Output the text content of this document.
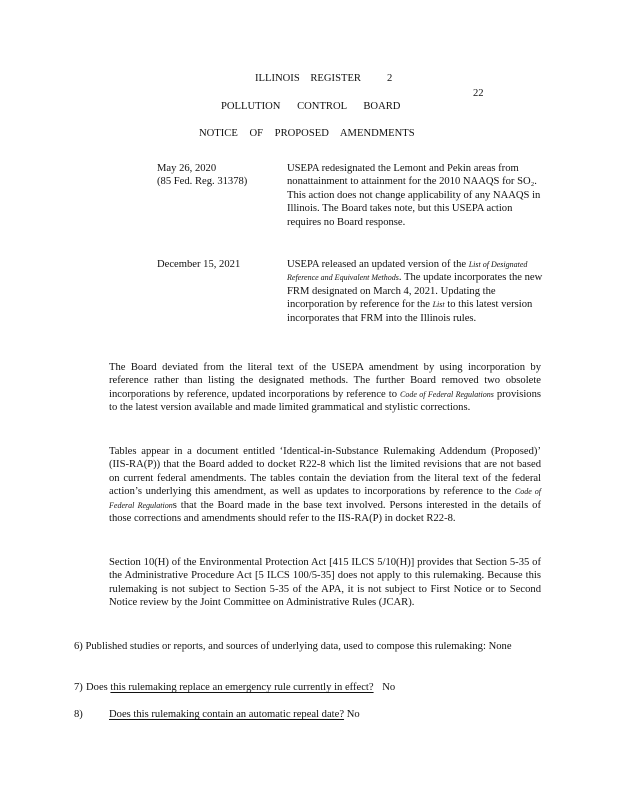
ILLINOIS REGISTER 2
22
POLLUTION CONTROL BOARD
NOTICE OF PROPOSED AMENDMENTS
May 26, 2020
(85 Fed. Reg. 31378)
USEPA redesignated the Lemont and Pekin areas from nonattainment to attainment for the 2010 NAAQS for SO₂. This action does not change applicability of any NAAQS in Illinois. The Board takes note, but this USEPA action requires no Board response.
December 15, 2021	USEPA released an updated version of the List of Designated Reference and Equivalent Methods. The update incorporates the new FRM designated on March 4, 2021. Updating the incorporation by reference for the List to this latest version incorporates that FRM into the Illinois rules.
The Board deviated from the literal text of the USEPA amendment by using incorporation by reference rather than listing the designated methods. The further Board removed two obsolete incorporations by reference, updated incorporations by reference to Code of Federal Regulations provisions to the latest version available and made limited grammatical and stylistic corrections.
Tables appear in a document entitled ‘Identical-in-Substance Rulemaking Addendum (Proposed)’ (IIS-RA(P)) that the Board added to docket R22-8 which list the limited revisions that are not based on current federal amendments. The tables contain the deviation from the literal text of the federal action’s underlying this amendment, as well as updates to incorporations by reference to the Code of Federal Regulations that the Board made in the base text involved. Persons interested in the details of those corrections and amendments should refer to the IIS-RA(P) in docket R22-8.
Section 10(H) of the Environmental Protection Act [415 ILCS 5/10(H)] provides that Section 5-35 of the Administrative Procedure Act [5 ILCS 100/5-35] does not apply to this rulemaking. Because this rulemaking is not subject to Section 5-35 of the APA, it is not subject to First Notice or to Second Notice review by the Joint Committee on Administrative Rules (JCAR).
6) Published studies or reports, and sources of underlying data, used to compose this rulemaking: None
7) Does this rulemaking replace an emergency rule currently in effect? No
8) Does this rulemaking contain an automatic repeal date? No
